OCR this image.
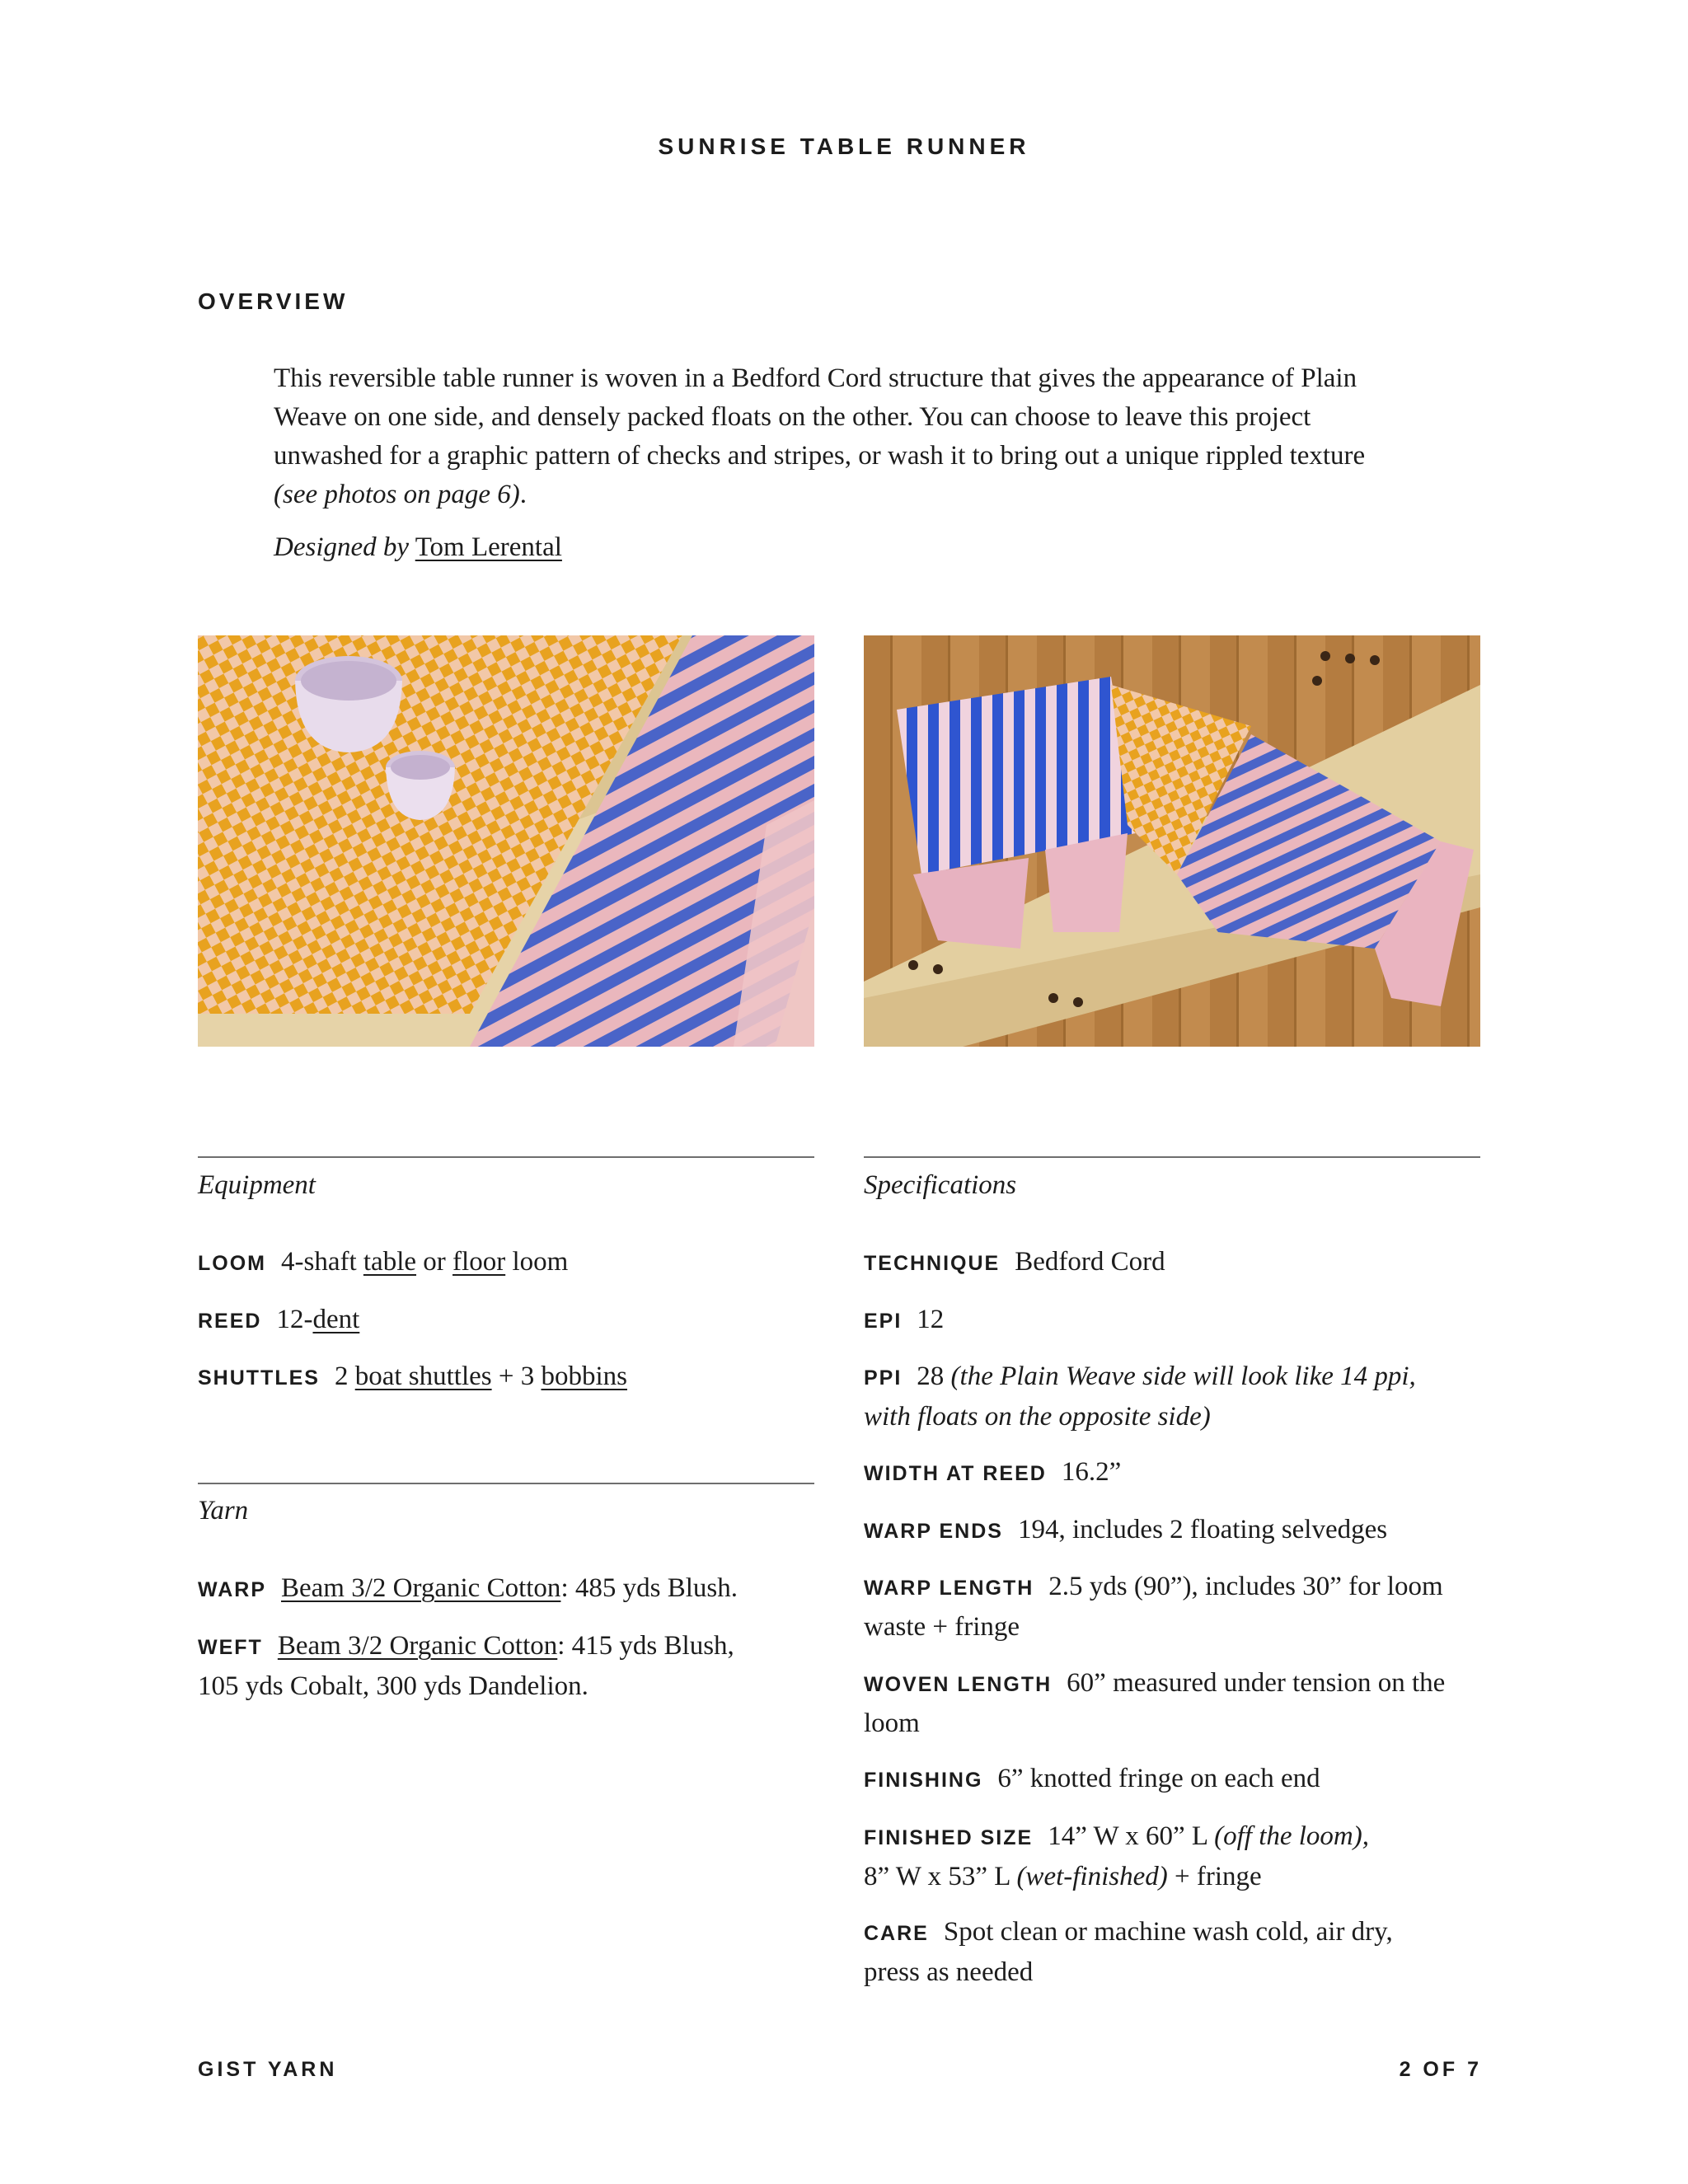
SUNRISE TABLE RUNNER
OVERVIEW

This reversible table runner is woven in a Bedford Cord structure that gives the appearance of Plain Weave on one side, and densely packed floats on the other. You can choose to leave this project unwashed for a graphic pattern of checks and stripes, or wash it to bring out a unique rippled texture (see photos on page 6).

Designed by Tom Lerental
Equipment
LOOM 4-shaft table or floor loom
REED 12-dent
SHUTTLES 2 boat shuttles + 3 bobbins
Yarn
WARP Beam 3/2 Organic Cotton: 485 yds Blush.
WEFT Beam 3/2 Organic Cotton: 415 yds Blush,
105 yds Cobalt, 300 yds Dandelion.
Specifications
TECHNIQUE Bedford Cord
EPI 12
PPI 28 (the Plain Weave side will look like 14 ppi,
with floats on the opposite side)
WIDTH AT REED 16.2”
WARP ENDS 194, includes 2 floating selvedges
WARP LENGTH 2.5 yds (90”), includes 30” for loom
waste + fringe
WOVEN LENGTH 60” measured under tension on the
loom
FINISHING 6” knotted fringe on each end
FINISHED SIZE 14” W x 60” L (off the loom),
8” W x 53” L (wet-finished) + fringe
CARE Spot clean or machine wash cold, air dry,
press as needed
GIST YARN	2 OF 7
